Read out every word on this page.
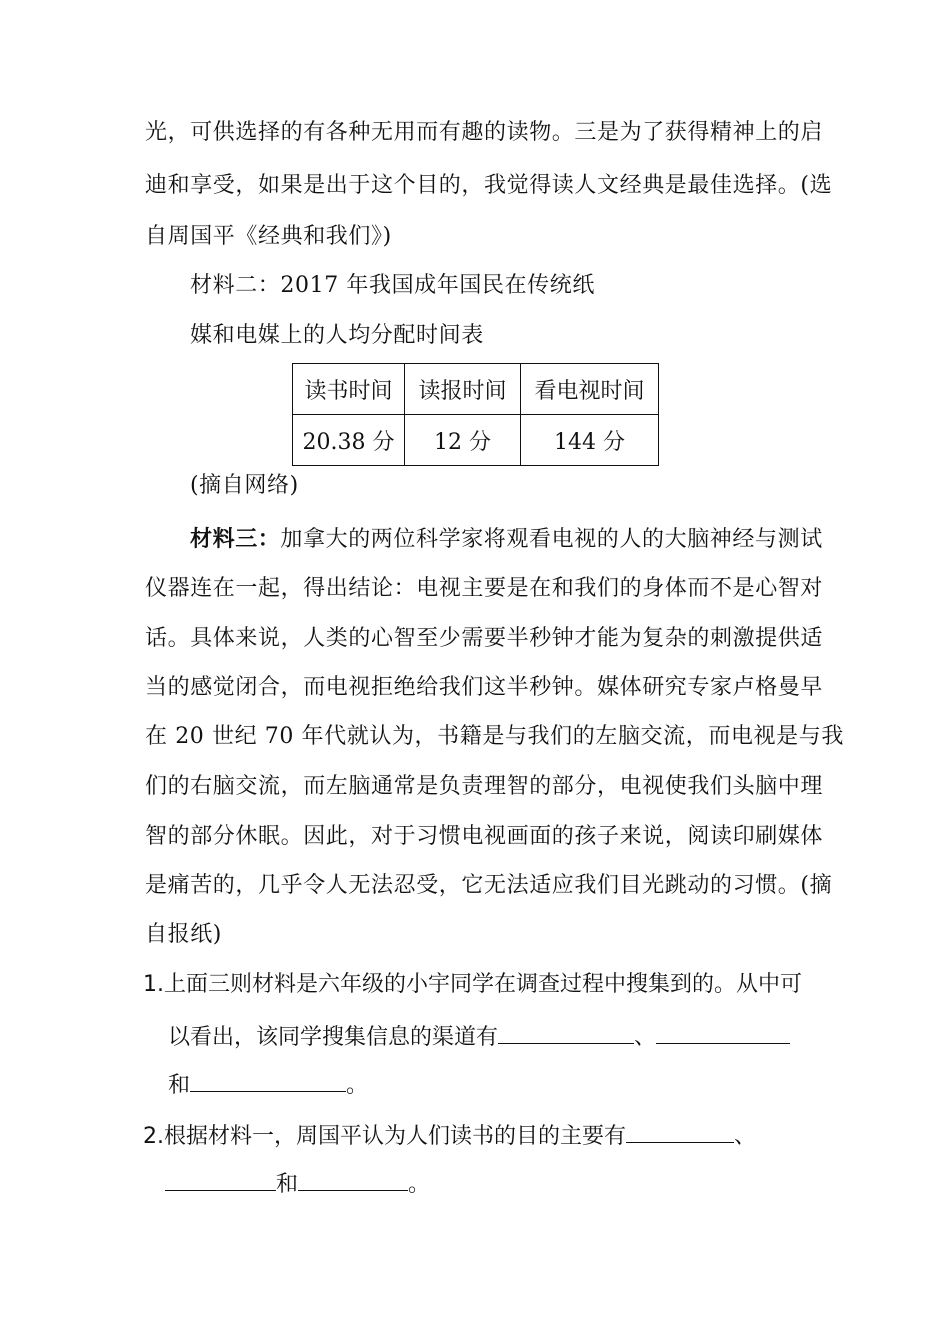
光，可供选择的有各种无用而有趣的读物。三是为了获得精神上的启
迪和享受，如果是出于这个目的，我觉得读人文经典是最佳选择。(选
自周国平《经典和我们》)
材料二：2017 年我国成年国民在传统纸
媒和电媒上的人均分配时间表
读书时间	读报时间	看电视时间
20.38 分	12 分	144 分
(摘自网络)
材料三：加拿大的两位科学家将观看电视的人的大脑神经与测试
仪器连在一起，得出结论：电视主要是在和我们的身体而不是心智对
话。具体来说，人类的心智至少需要半秒钟才能为复杂的刺激提供适
当的感觉闭合，而电视拒绝给我们这半秒钟。媒体研究专家卢格曼早
在 20 世纪 70 年代就认为，书籍是与我们的左脑交流，而电视是与我
们的右脑交流，而左脑通常是负责理智的部分，电视使我们头脑中理
智的部分休眠。因此，对于习惯电视画面的孩子来说，阅读印刷媒体
是痛苦的，几乎令人无法忍受，它无法适应我们目光跳动的习惯。(摘
自报纸)
1.上面三则材料是六年级的小宇同学在调查过程中搜集到的。从中可
以看出，该同学搜集信息的渠道有	、
和	。
2.根据材料一，周国平认为人们读书的目的主要有	、
和	。
